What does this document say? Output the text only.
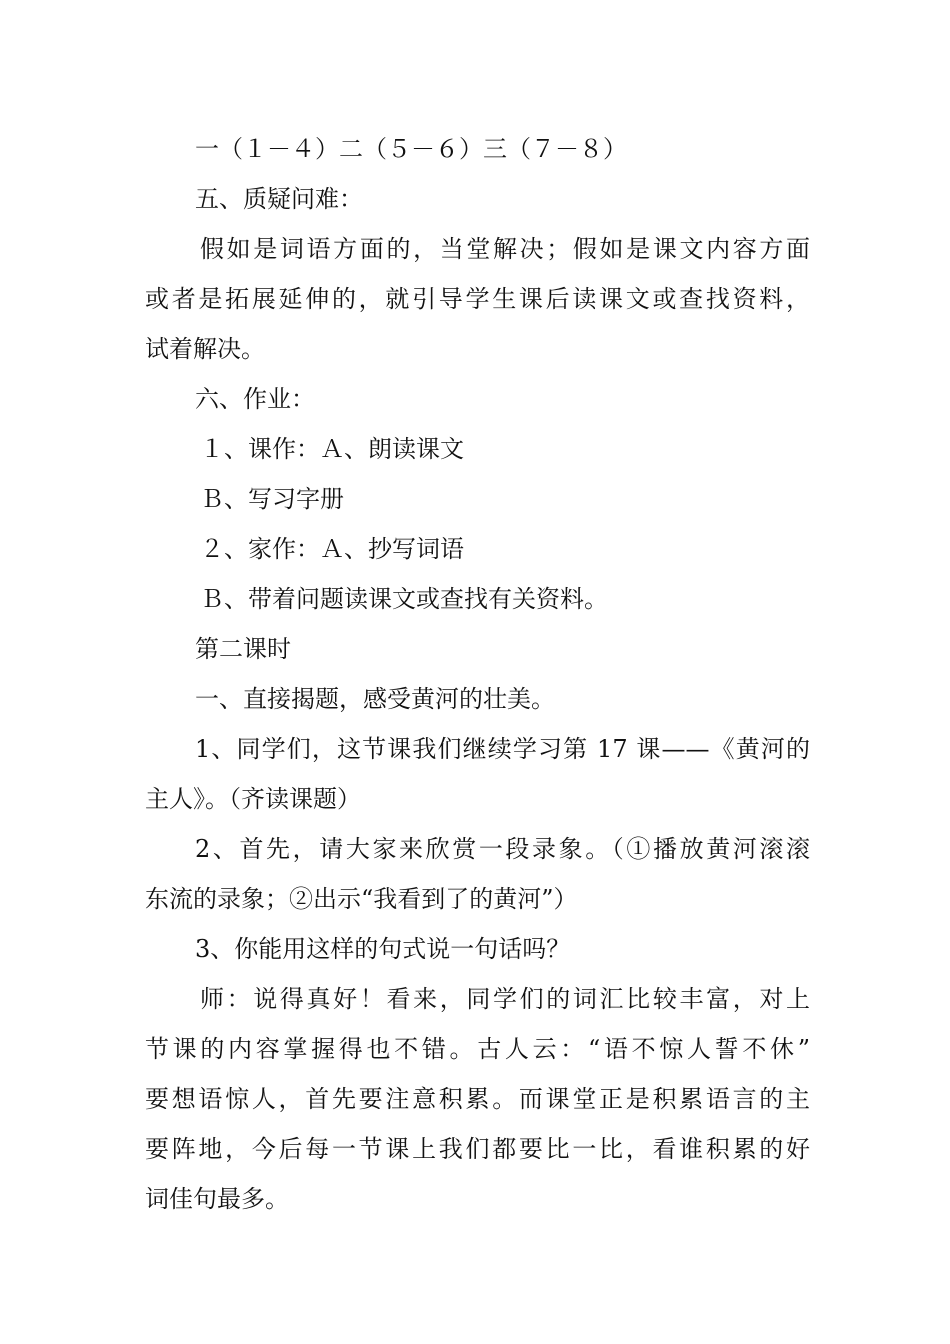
一（１－４）二（５－６）三（７－８）
五、质疑问难：
假如是词语方面的，当堂解决；假如是课文内容方面
或者是拓展延伸的，就引导学生课后读课文或查找资料，
试着解决。
六、作业：
１、课作：Ａ、朗读课文
Ｂ、写习字册
２、家作：Ａ、抄写词语
Ｂ、带着问题读课文或查找有关资料。
第二课时
一、直接揭题，感受黄河的壮美。
1、同学们，这节课我们继续学习第 17 课——《黄河的
主人》。（齐读课题）
2、首先，请大家来欣赏一段录象。（①播放黄河滚滚
东流的录象；②出示“我看到了的黄河”）
3、你能用这样的句式说一句话吗？
师：说得真好！看来，同学们的词汇比较丰富，对上
节课的内容掌握得也不错。古人云：“语不惊人誓不休”
要想语惊人，首先要注意积累。而课堂正是积累语言的主
要阵地，今后每一节课上我们都要比一比，看谁积累的好
词佳句最多。
